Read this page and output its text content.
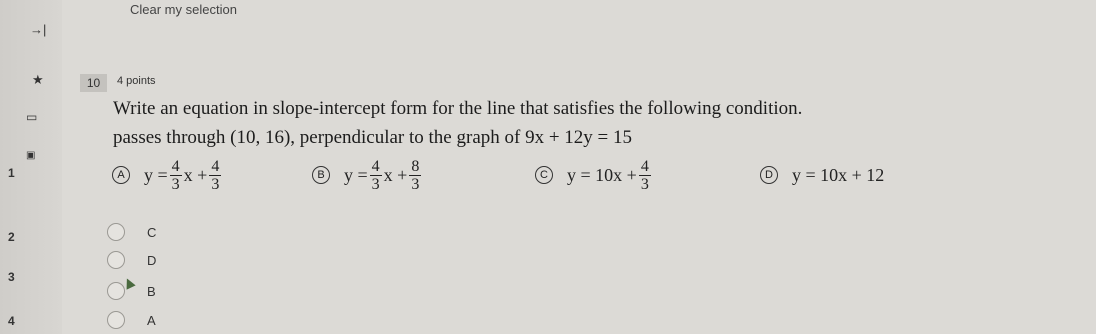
→|
★
▭
▣
1
2
3
4
Clear my selection
10	4 points
Write an equation in slope-intercept form for the line that satisfies the following condition.
passes through (10, 16), perpendicular to the graph of 9x + 12y = 15
A $y = \frac{4}{3}$ $x + \frac{4}{3}$	B $y = \frac{4}{3}$ $x + \frac{8}{3}$	C $y = 10x + \frac{4}{3}$	D y = 10x + 12
C
D
B
A
